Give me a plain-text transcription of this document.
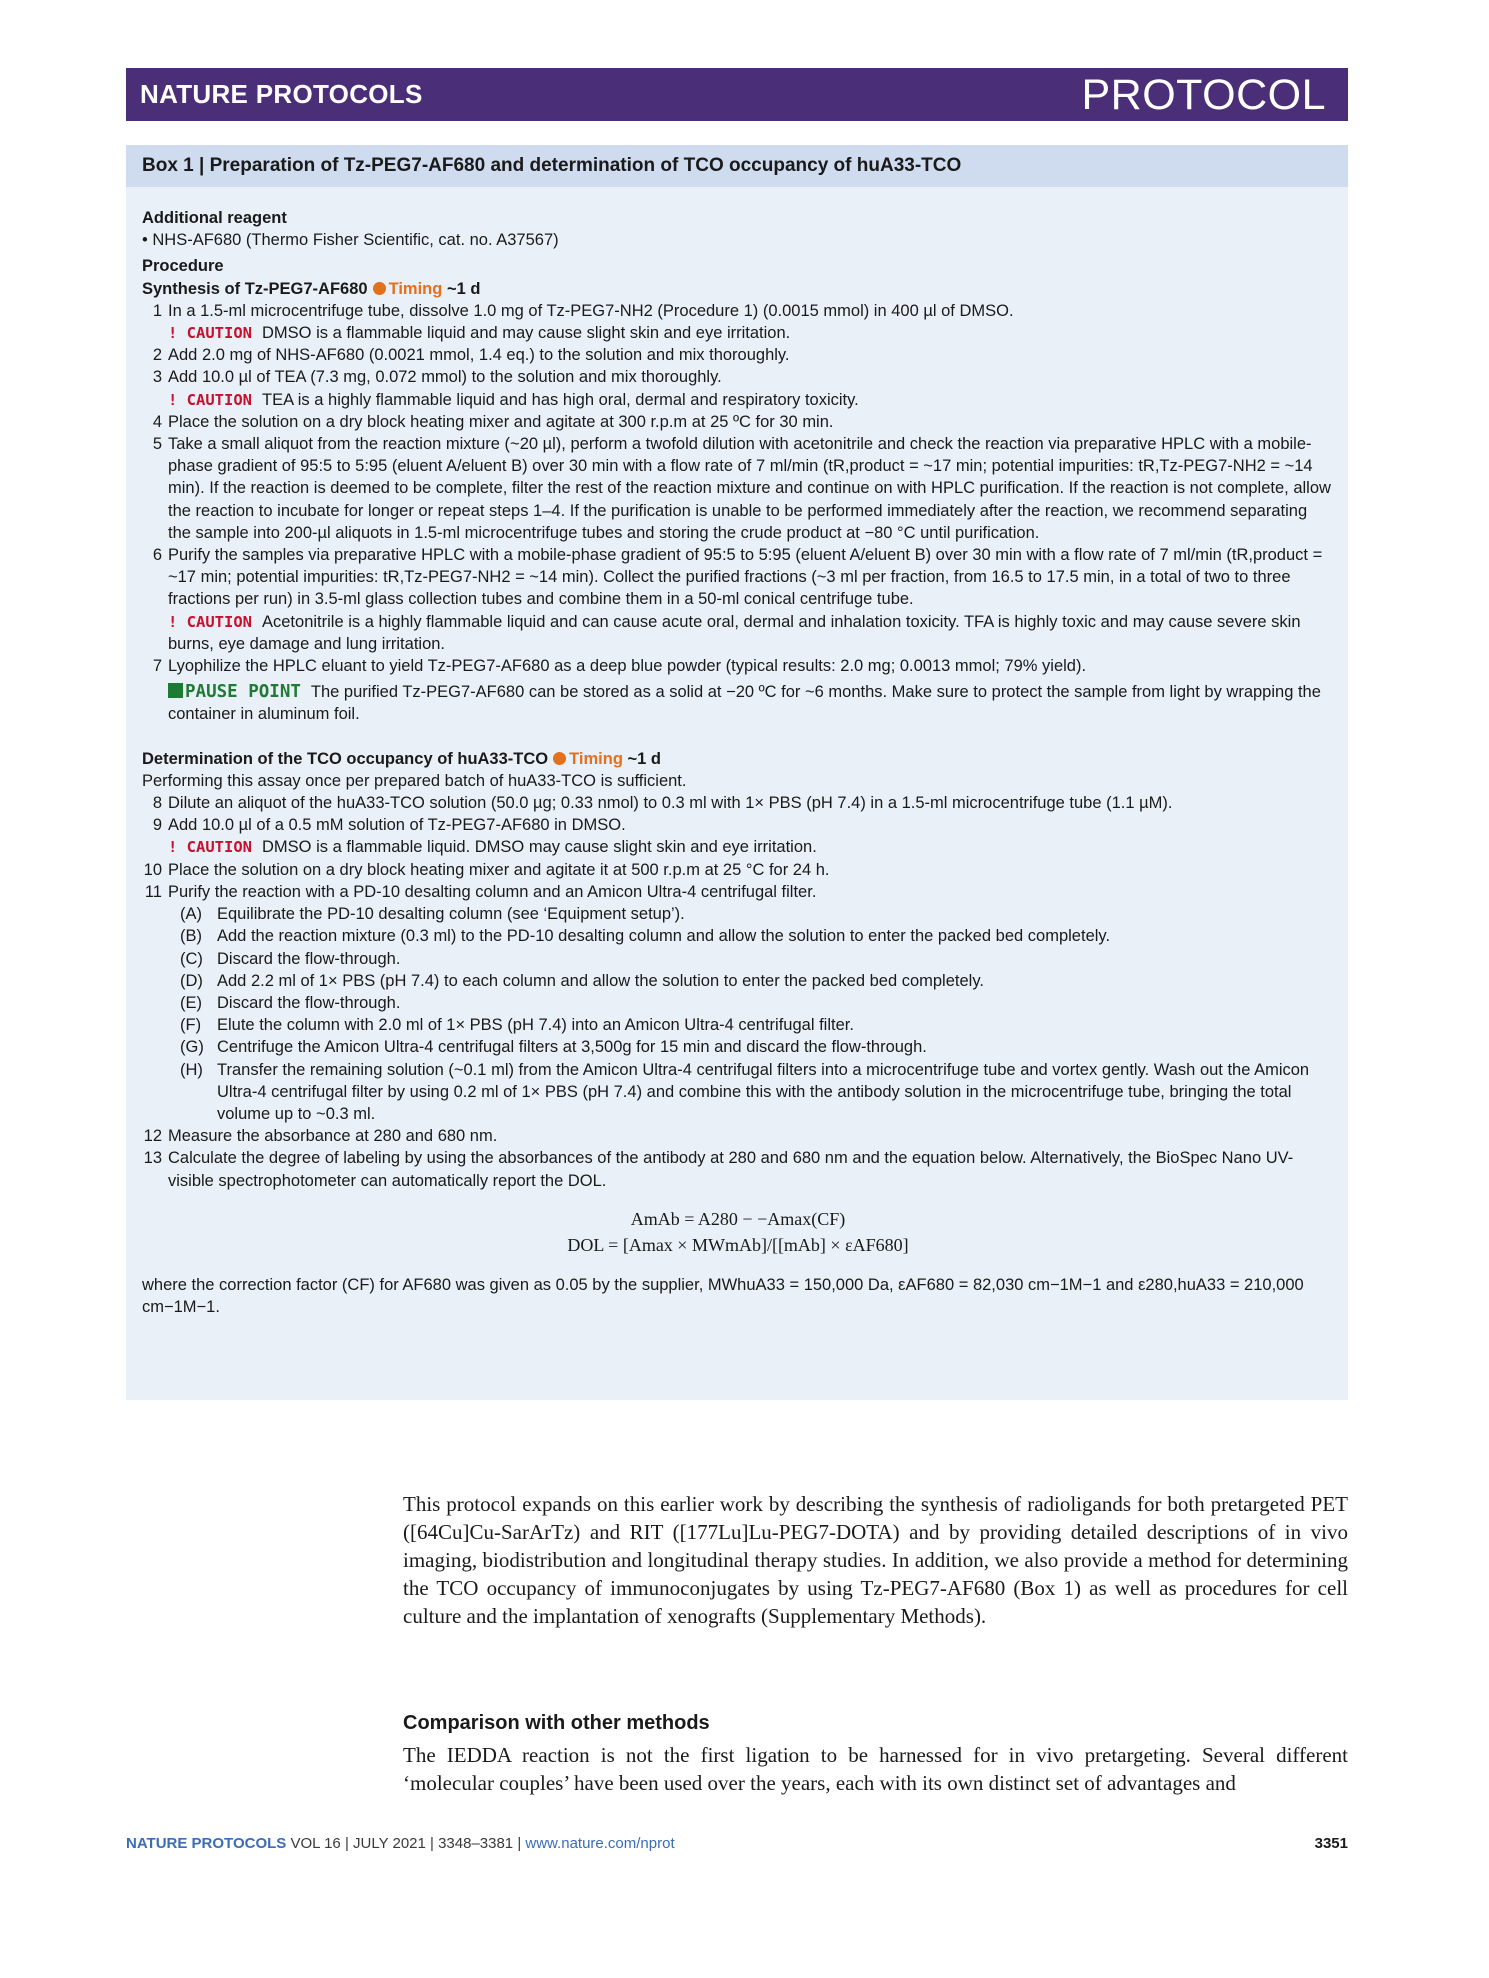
NATURE PROTOCOLS	PROTOCOL
Box 1 | Preparation of Tz-PEG7-AF680 and determination of TCO occupancy of huA33-TCO
Additional reagent
• NHS-AF680 (Thermo Fisher Scientific, cat. no. A37567)
Procedure
Synthesis of Tz-PEG7-AF680 Timing ~1 d
1 In a 1.5-ml microcentrifuge tube, dissolve 1.0 mg of Tz-PEG7-NH2 (Procedure 1) (0.0015 mmol) in 400 µl of DMSO.
! CAUTION DMSO is a flammable liquid and may cause slight skin and eye irritation.
2 Add 2.0 mg of NHS-AF680 (0.0021 mmol, 1.4 eq.) to the solution and mix thoroughly.
3 Add 10.0 µl of TEA (7.3 mg, 0.072 mmol) to the solution and mix thoroughly.
! CAUTION TEA is a highly flammable liquid and has high oral, dermal and respiratory toxicity.
4 Place the solution on a dry block heating mixer and agitate at 300 r.p.m at 25 ºC for 30 min.
5 Take a small aliquot from the reaction mixture (~20 µl), perform a twofold dilution with acetonitrile and check the reaction via preparative HPLC with a mobile-phase gradient of 95:5 to 5:95 (eluent A/eluent B) over 30 min with a flow rate of 7 ml/min (tR,product = ~17 min; potential impurities: tR,Tz-PEG7-NH2 = ~14 min). If the reaction is deemed to be complete, filter the rest of the reaction mixture and continue on with HPLC purification. If the reaction is not complete, allow the reaction to incubate for longer or repeat steps 1–4. If the purification is unable to be performed immediately after the reaction, we recommend separating the sample into 200-µl aliquots in 1.5-ml microcentrifuge tubes and storing the crude product at −80 °C until purification.
6 Purify the samples via preparative HPLC with a mobile-phase gradient of 95:5 to 5:95 (eluent A/eluent B) over 30 min with a flow rate of 7 ml/min (tR,product = ~17 min; potential impurities: tR,Tz-PEG7-NH2 = ~14 min). Collect the purified fractions (~3 ml per fraction, from 16.5 to 17.5 min, in a total of two to three fractions per run) in 3.5-ml glass collection tubes and combine them in a 50-ml conical centrifuge tube.
! CAUTION Acetonitrile is a highly flammable liquid and can cause acute oral, dermal and inhalation toxicity. TFA is highly toxic and may cause severe skin burns, eye damage and lung irritation.
7 Lyophilize the HPLC eluant to yield Tz-PEG7-AF680 as a deep blue powder (typical results: 2.0 mg; 0.0013 mmol; 79% yield).
PAUSE POINT The purified Tz-PEG7-AF680 can be stored as a solid at −20 ºC for ~6 months. Make sure to protect the sample from light by wrapping the container in aluminum foil.
Determination of the TCO occupancy of huA33-TCO Timing ~1 d
Performing this assay once per prepared batch of huA33-TCO is sufficient.
8 Dilute an aliquot of the huA33-TCO solution (50.0 µg; 0.33 nmol) to 0.3 ml with 1× PBS (pH 7.4) in a 1.5-ml microcentrifuge tube (1.1 µM).
9 Add 10.0 µl of a 0.5 mM solution of Tz-PEG7-AF680 in DMSO.
! CAUTION DMSO is a flammable liquid. DMSO may cause slight skin and eye irritation.
10 Place the solution on a dry block heating mixer and agitate it at 500 r.p.m at 25 °C for 24 h.
11 Purify the reaction with a PD-10 desalting column and an Amicon Ultra-4 centrifugal filter.
(A) Equilibrate the PD-10 desalting column (see ‘Equipment setup’).
(B) Add the reaction mixture (0.3 ml) to the PD-10 desalting column and allow the solution to enter the packed bed completely.
(C) Discard the flow-through.
(D) Add 2.2 ml of 1× PBS (pH 7.4) to each column and allow the solution to enter the packed bed completely.
(E) Discard the flow-through.
(F) Elute the column with 2.0 ml of 1× PBS (pH 7.4) into an Amicon Ultra-4 centrifugal filter.
(G) Centrifuge the Amicon Ultra-4 centrifugal filters at 3,500g for 15 min and discard the flow-through.
(H) Transfer the remaining solution (~0.1 ml) from the Amicon Ultra-4 centrifugal filters into a microcentrifuge tube and vortex gently. Wash out the Amicon Ultra-4 centrifugal filter by using 0.2 ml of 1× PBS (pH 7.4) and combine this with the antibody solution in the microcentrifuge tube, bringing the total volume up to ~0.3 ml.
12 Measure the absorbance at 280 and 680 nm.
13 Calculate the degree of labeling by using the absorbances of the antibody at 280 and 680 nm and the equation below. Alternatively, the BioSpec Nano UV-visible spectrophotometer can automatically report the DOL.
AmAb = A280 − −Amax(CF)
DOL = [Amax × MWmAb]/[[mAb] × εAF680]
where the correction factor (CF) for AF680 was given as 0.05 by the supplier, MWhuA33 = 150,000 Da, εAF680 = 82,030 cm−1M−1 and ε280,huA33 = 210,000 cm−1M−1.

This protocol expands on this earlier work by describing the synthesis of radioligands for both pretargeted PET ([64Cu]Cu-SarArTz) and RIT ([177Lu]Lu-PEG7-DOTA) and by providing detailed descriptions of in vivo imaging, biodistribution and longitudinal therapy studies. In addition, we also provide a method for determining the TCO occupancy of immunoconjugates by using Tz-PEG7-AF680 (Box 1) as well as procedures for cell culture and the implantation of xenografts (Supplementary Methods).

Comparison with other methods

The IEDDA reaction is not the first ligation to be harnessed for in vivo pretargeting. Several different ‘molecular couples’ have been used over the years, each with its own distinct set of advantages and

NATURE PROTOCOLS VOL 16 | JULY 2021 | 3348–3381 | www.nature.com/nprot	3351
